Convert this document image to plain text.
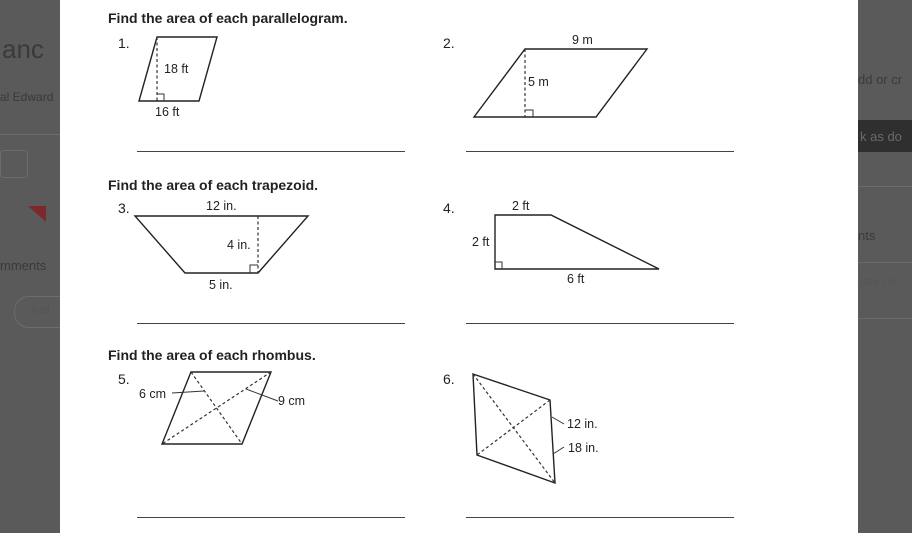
anc
al Edward
mments
Add
dd or cr
k as do
nts
rate con
Find the area of each parallelogram.
1.
18 ft
16 ft
2.	9 m
5 m
Find the area of each trapezoid.
3.	12 in.
4 in.
5 in.
4.	2 ft
2 ft
6 ft
Find the area of each rhombus.
5.
6 cm	9 cm
6.
12 in.
18 in.
